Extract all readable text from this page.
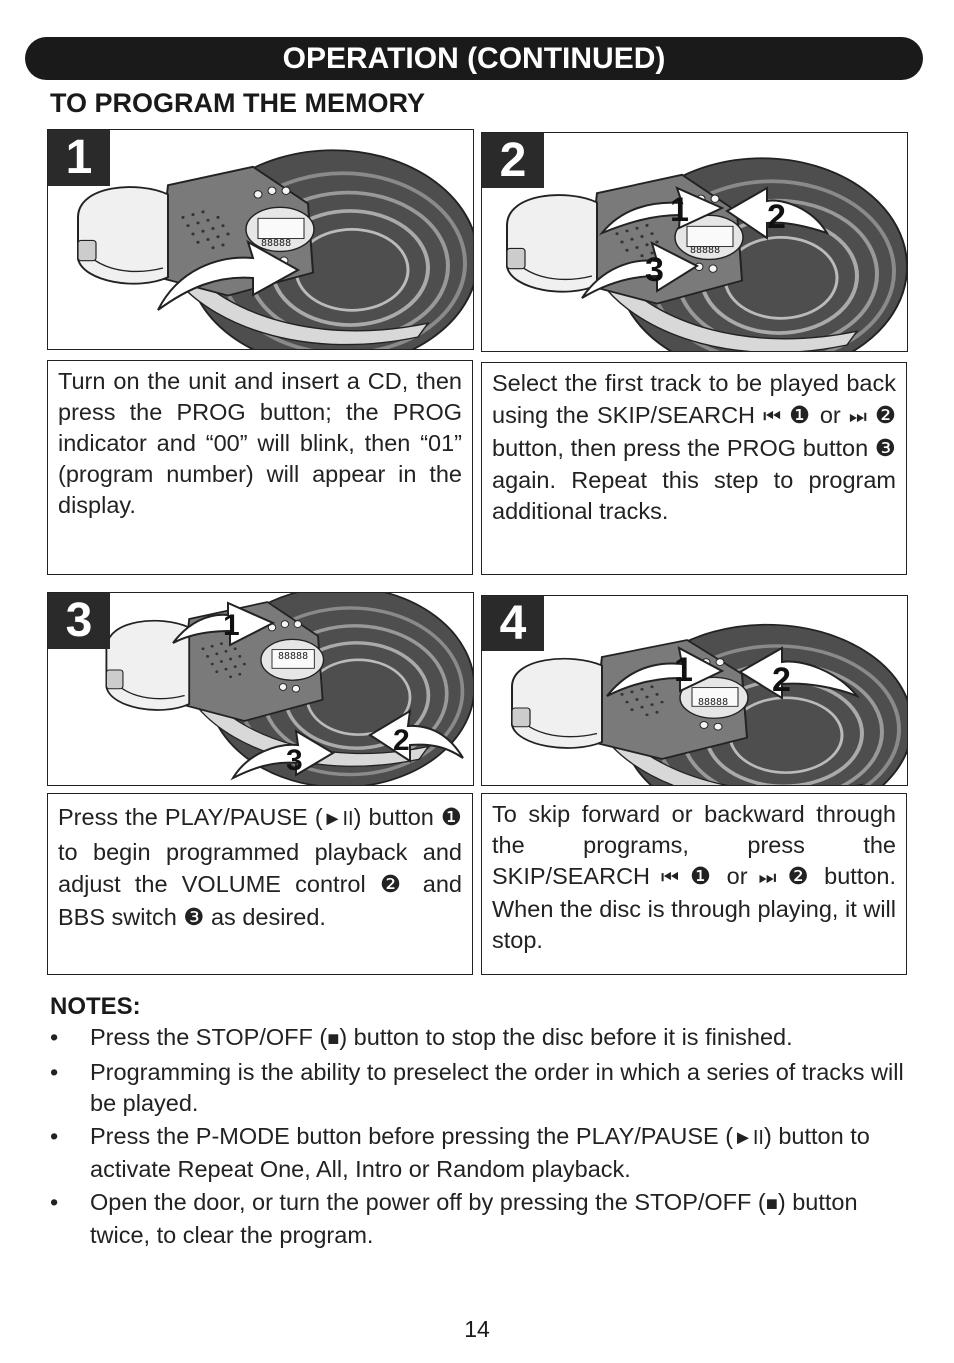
OPERATION (CONTINUED)
TO PROGRAM THE MEMORY
1
88888
2
88888
1 2
3
Turn on the unit and insert a CD, then press the PROG button; the PROG indicator and “00” will blink, then “01” (program number) will appear in the display.
Select the first track to be played back using the SKIP/SEARCH ⏮ ❶ or ⏭ ❷ button, then press the PROG button ❸ again. Repeat this step to program additional tracks.
3
88888
1
2
3
4
88888
1 2
Press the PLAY/PAUSE (►II) button ❶ to begin programmed playback and adjust the VOLUME control ❷ and BBS switch ❸ as desired.
To skip forward or backward through the programs, press the SKIP/SEARCH ⏮ ❶ or ⏭ ❷ button. When the disc is through playing, it will stop.
NOTES:
• Press the STOP/OFF (■) button to stop the disc before it is finished.
• Programming is the ability to preselect the order in which a series of tracks will be played.
• Press the P-MODE button before pressing the PLAY/PAUSE (►II) button to activate Repeat One, All, Intro or Random playback.
• Open the door, or turn the power off by pressing the STOP/OFF (■) button twice, to clear the program.
14
